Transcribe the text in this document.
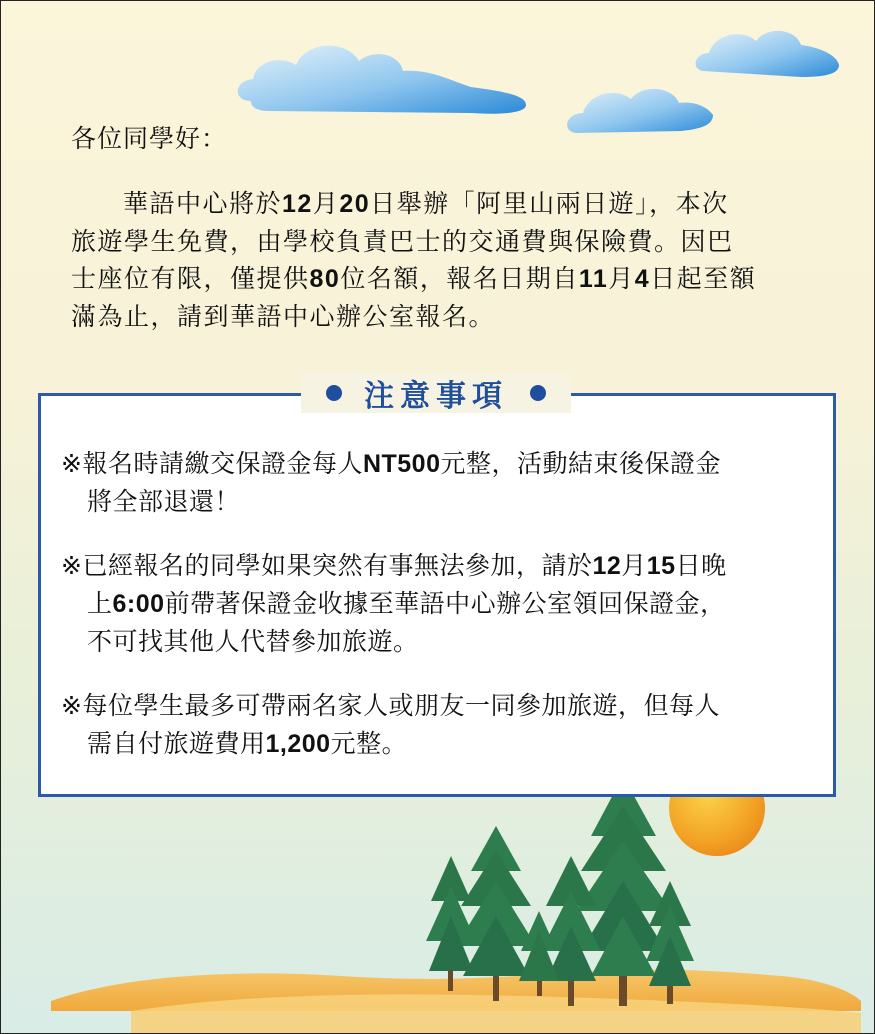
各位同學好：
華語中心將於12月20日舉辦「阿里山兩日遊」，本次
旅遊學生免費，由學校負責巴士的交通費與保險費。因巴
士座位有限，僅提供80位名額，報名日期自11月4日起至額
滿為止，請到華語中心辦公室報名。
注意事項
※報名時請繳交保證金每人NT500元整，活動結束後保證金
將全部退還！
※已經報名的同學如果突然有事無法參加，請於12月15日晚
上6:00前帶著保證金收據至華語中心辦公室領回保證金，
不可找其他人代替參加旅遊。
※每位學生最多可帶兩名家人或朋友一同參加旅遊，但每人
需自付旅遊費用1,200元整。
